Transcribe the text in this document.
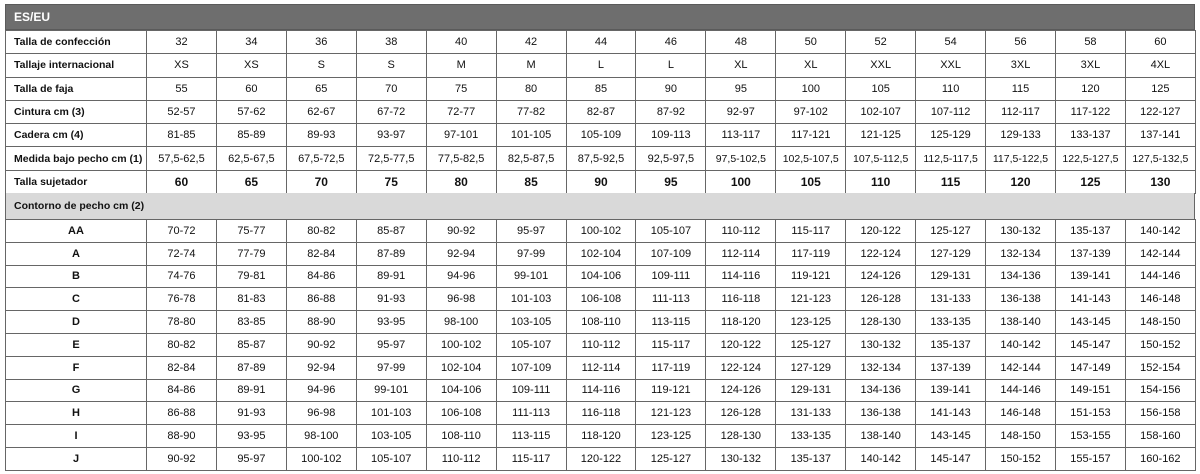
ES/EU
Talla de confección	32	34	36	38	40	42	44	46	48	50	52	54	56	58	60
Tallaje internacional	XS	XS	S	S	M	M	L	L	XL	XL	XXL	XXL	3XL	3XL	4XL
Talla de faja	55	60	65	70	75	80	85	90	95	100	105	110	115	120	125
Cintura cm (3)	52-57	57-62	62-67	67-72	72-77	77-82	82-87	87-92	92-97	97-102	102-107	107-112	112-117	117-122	122-127
Cadera cm (4)	81-85	85-89	89-93	93-97	97-101	101-105	105-109	109-113	113-117	117-121	121-125	125-129	129-133	133-137	137-141
Medida bajo pecho cm (1)	57,5-62,5	62,5-67,5	67,5-72,5	72,5-77,5	77,5-82,5	82,5-87,5	87,5-92,5	92,5-97,5	97,5-102,5	102,5-107,5	107,5-112,5	112,5-117,5	117,5-122,5	122,5-127,5	127,5-132,5
Talla sujetador	60	65	70	75	80	85	90	95	100	105	110	115	120	125	130
Contorno de pecho cm (2)
AA	70-72	75-77	80-82	85-87	90-92	95-97	100-102	105-107	110-112	115-117	120-122	125-127	130-132	135-137	140-142
A	72-74	77-79	82-84	87-89	92-94	97-99	102-104	107-109	112-114	117-119	122-124	127-129	132-134	137-139	142-144
B	74-76	79-81	84-86	89-91	94-96	99-101	104-106	109-111	114-116	119-121	124-126	129-131	134-136	139-141	144-146
C	76-78	81-83	86-88	91-93	96-98	101-103	106-108	111-113	116-118	121-123	126-128	131-133	136-138	141-143	146-148
D	78-80	83-85	88-90	93-95	98-100	103-105	108-110	113-115	118-120	123-125	128-130	133-135	138-140	143-145	148-150
E	80-82	85-87	90-92	95-97	100-102	105-107	110-112	115-117	120-122	125-127	130-132	135-137	140-142	145-147	150-152
F	82-84	87-89	92-94	97-99	102-104	107-109	112-114	117-119	122-124	127-129	132-134	137-139	142-144	147-149	152-154
G	84-86	89-91	94-96	99-101	104-106	109-111	114-116	119-121	124-126	129-131	134-136	139-141	144-146	149-151	154-156
H	86-88	91-93	96-98	101-103	106-108	111-113	116-118	121-123	126-128	131-133	136-138	141-143	146-148	151-153	156-158
I	88-90	93-95	98-100	103-105	108-110	113-115	118-120	123-125	128-130	133-135	138-140	143-145	148-150	153-155	158-160
J	90-92	95-97	100-102	105-107	110-112	115-117	120-122	125-127	130-132	135-137	140-142	145-147	150-152	155-157	160-162
